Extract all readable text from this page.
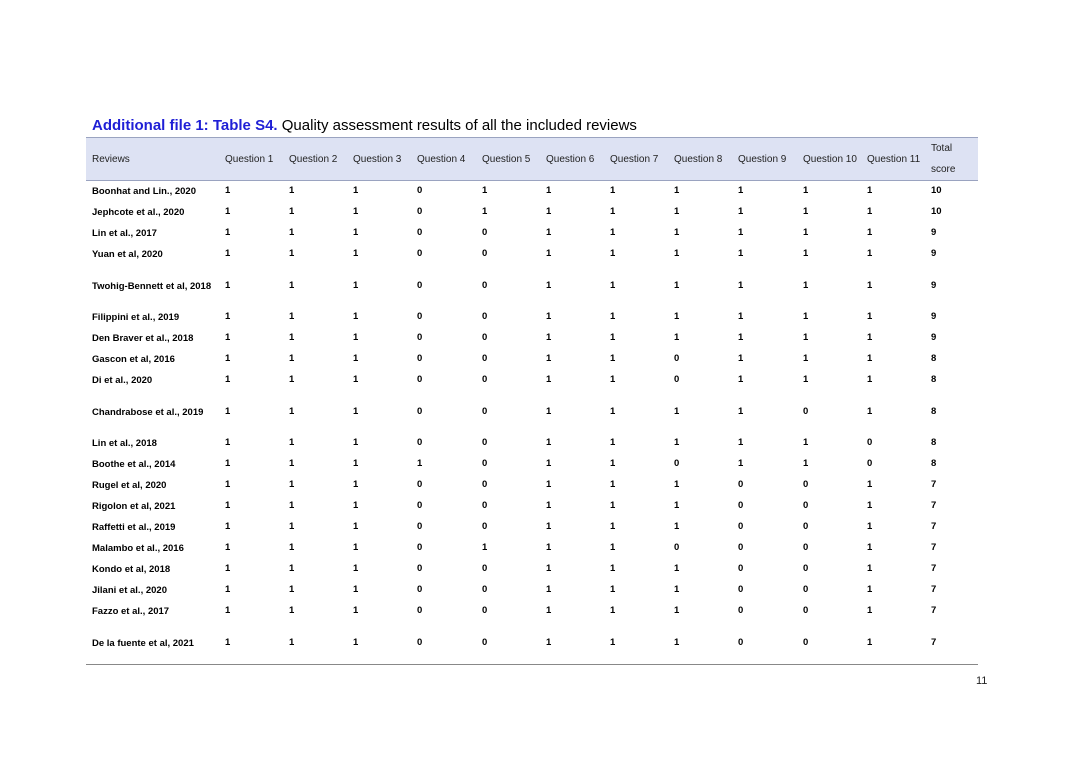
Additional file 1: Table S4. Quality assessment results of all the included reviews
Reviews	Question 1	Question 2	Question 3	Question 4	Question 5	Question 6	Question 7	Question 8	Question 9	Question 10	Question 11	Total score
Boonhat and Lin., 2020	1	1	1	0	1	1	1	1	1	1	1	10
Jephcote et al., 2020	1	1	1	0	1	1	1	1	1	1	1	10
Lin et al., 2017	1	1	1	0	0	1	1	1	1	1	1	9
Yuan et al, 2020	1	1	1	0	0	1	1	1	1	1	1	9
Twohig-Bennett et al, 2018	1	1	1	0	0	1	1	1	1	1	1	9
Filippini et al., 2019	1	1	1	0	0	1	1	1	1	1	1	9
Den Braver et al., 2018	1	1	1	0	0	1	1	1	1	1	1	9
Gascon et al, 2016	1	1	1	0	0	1	1	0	1	1	1	8
Di et al., 2020	1	1	1	0	0	1	1	0	1	1	1	8
Chandrabose et al., 2019	1	1	1	0	0	1	1	1	1	0	1	8
Lin et al., 2018	1	1	1	0	0	1	1	1	1	1	0	8
Boothe et al., 2014	1	1	1	1	0	1	1	0	1	1	0	8
Rugel et al, 2020	1	1	1	0	0	1	1	1	0	0	1	7
Rigolon et al, 2021	1	1	1	0	0	1	1	1	0	0	1	7
Raffetti et al., 2019	1	1	1	0	0	1	1	1	0	0	1	7
Malambo et al., 2016	1	1	1	0	1	1	1	0	0	0	1	7
Kondo et al, 2018	1	1	1	0	0	1	1	1	0	0	1	7
Jilani et al., 2020	1	1	1	0	0	1	1	1	0	0	1	7
Fazzo et al., 2017	1	1	1	0	0	1	1	1	0	0	1	7
De la fuente et al, 2021	1	1	1	0	0	1	1	1	0	0	1	7
11
